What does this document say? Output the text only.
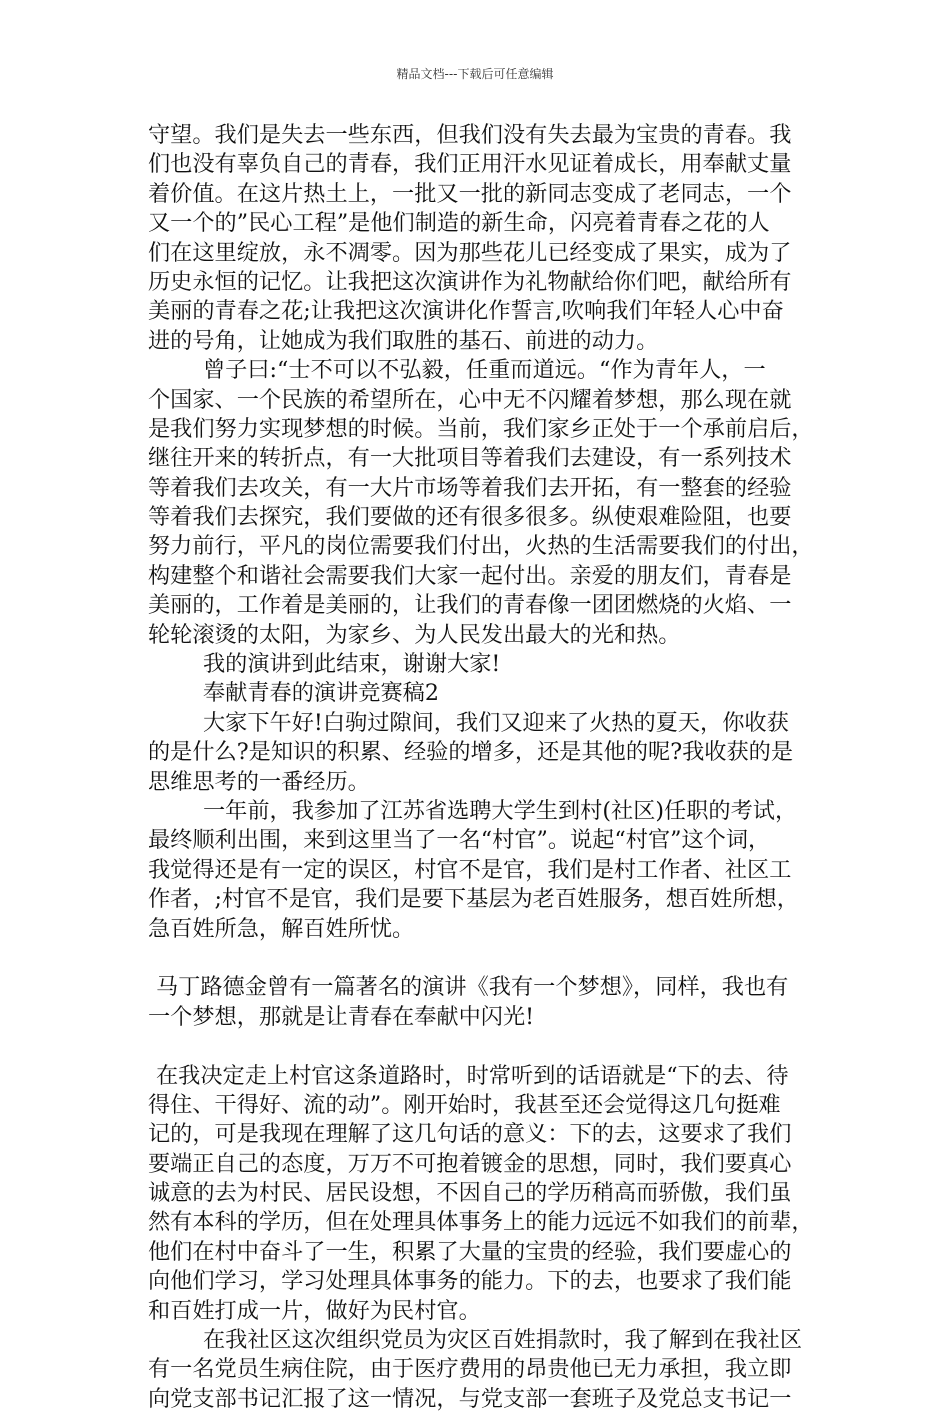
精品文档---下载后可任意编辑
守望。我们是失去一些东西，但我们没有失去最为宝贵的青春。我
们也没有辜负自己的青春，我们正用汗水见证着成长，用奉献丈量
着价值。在这片热土上，一批又一批的新同志变成了老同志，一个
又一个的”民心工程”是他们制造的新生命，闪亮着青春之花的人
们在这里绽放，永不凋零。因为那些花儿已经变成了果实，成为了
历史永恒的记忆。让我把这次演讲作为礼物献给你们吧，献给所有
美丽的青春之花;让我把这次演讲化作誓言,吹响我们年轻人心中奋
进的号角，让她成为我们取胜的基石、前进的动力。
曾子曰:“士不可以不弘毅，任重而道远。“作为青年人，一
个国家、一个民族的希望所在，心中无不闪耀着梦想，那么现在就
是我们努力实现梦想的时候。当前，我们家乡正处于一个承前启后，
继往开来的转折点，有一大批项目等着我们去建设，有一系列技术
等着我们去攻关，有一大片市场等着我们去开拓，有一整套的经验
等着我们去探究，我们要做的还有很多很多。纵使艰难险阻，也要
努力前行，平凡的岗位需要我们付出，火热的生活需要我们的付出，
构建整个和谐社会需要我们大家一起付出。亲爱的朋友们，青春是
美丽的，工作着是美丽的，让我们的青春像一团团燃烧的火焰、一
轮轮滚烫的太阳，为家乡、为人民发出最大的光和热。
我的演讲到此结束，谢谢大家!
奉献青春的演讲竞赛稿2
大家下午好!白驹过隙间，我们又迎来了火热的夏天，你收获
的是什么?是知识的积累、经验的增多，还是其他的呢?我收获的是
思维思考的一番经历。
一年前，我参加了江苏省选聘大学生到村(社区)任职的考试，
最终顺利出围，来到这里当了一名“村官”。说起“村官”这个词，
我觉得还是有一定的误区，村官不是官，我们是村工作者、社区工
作者，;村官不是官，我们是要下基层为老百姓服务，想百姓所想，
急百姓所急，解百姓所忧。
马丁路德金曾有一篇著名的演讲《我有一个梦想》，同样，我也有
一个梦想，那就是让青春在奉献中闪光!
在我决定走上村官这条道路时，时常听到的话语就是“下的去、待
得住、干得好、流的动”。刚开始时，我甚至还会觉得这几句挺难
记的，可是我现在理解了这几句话的意义：下的去，这要求了我们
要端正自己的态度，万万不可抱着镀金的思想，同时，我们要真心
诚意的去为村民、居民设想，不因自己的学历稍高而骄傲，我们虽
然有本科的学历，但在处理具体事务上的能力远远不如我们的前辈，
他们在村中奋斗了一生，积累了大量的宝贵的经验，我们要虚心的
向他们学习，学习处理具体事务的能力。下的去，也要求了我们能
和百姓打成一片，做好为民村官。
在我社区这次组织党员为灾区百姓捐款时，我了解到在我社区
有一名党员生病住院，由于医疗费用的昂贵他已无力承担，我立即
向党支部书记汇报了这一情况，与党支部一套班子及党总支书记一
